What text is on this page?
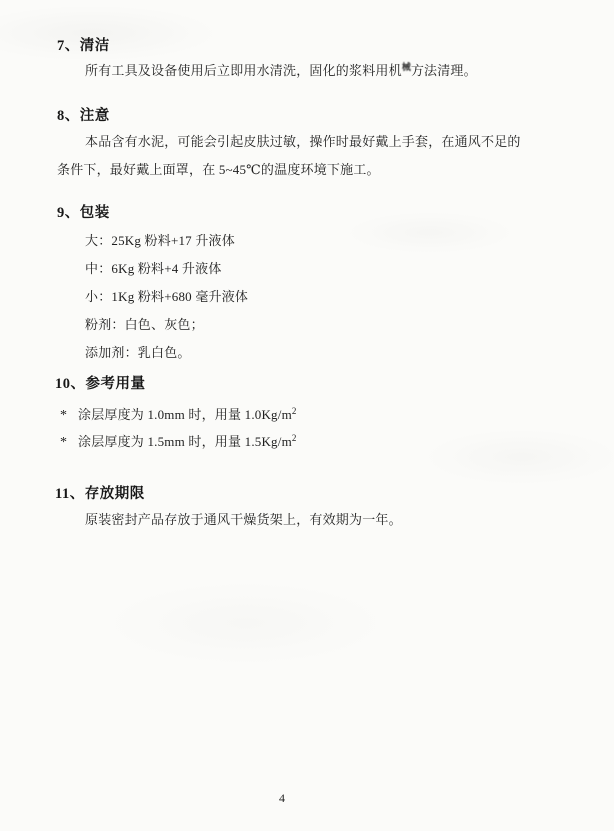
7、清洁
所有工具及设备使用后立即用水清洗，固化的浆料用机械方法清理。
8、注意
本品含有水泥，可能会引起皮肤过敏，操作时最好戴上手套，在通风不足的
条件下，最好戴上面罩，在 5~45℃的温度环境下施工。
9、包装
大：25Kg 粉料+17 升液体
中：6Kg 粉料+4 升液体
小：1Kg 粉料+680 毫升液体
粉剂：白色、灰色；
添加剂：乳白色。
10、参考用量
* 涂层厚度为 1.0mm 时，用量 $1.0Kg/m^2$
* 涂层厚度为 1.5mm 时，用量 $1.5Kg/m^2$
11、存放期限
原装密封产品存放于通风干燥货架上，有效期为一年。
4
